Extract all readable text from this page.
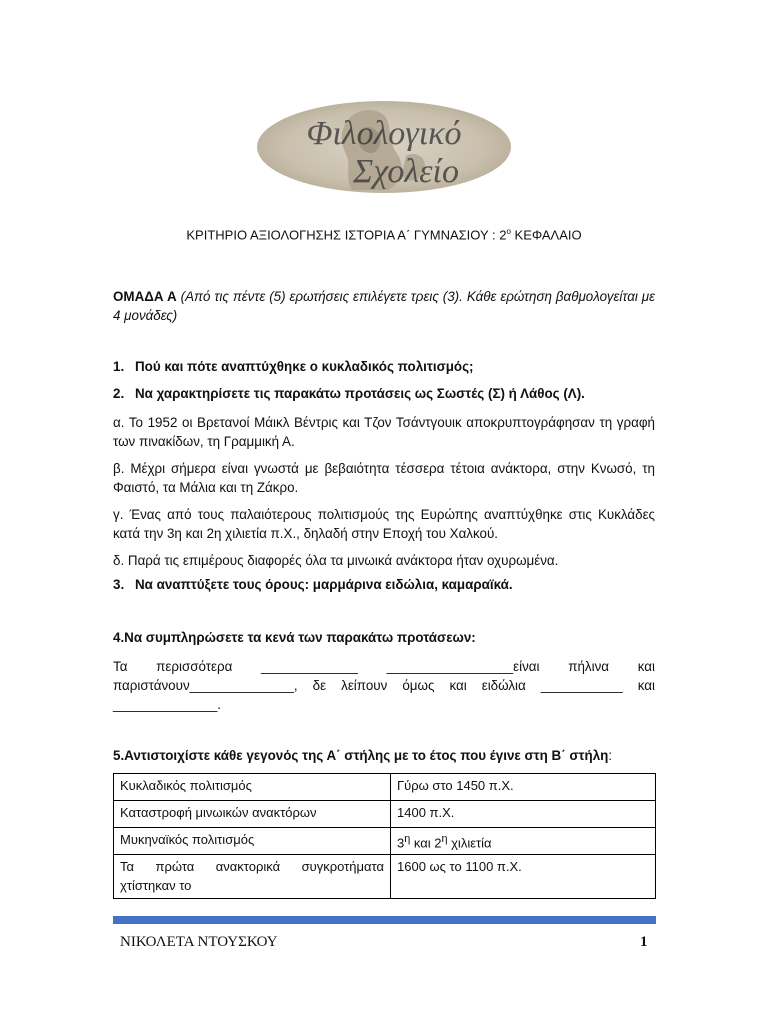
Φιλολογικό
Σχολείο
ΚΡΙΤΗΡΙΟ ΑΞΙΟΛΟΓΗΣΗΣ ΙΣΤΟΡΙΑ Α΄ ΓΥΜΝΑΣΙΟΥ : $2^o$ ΚΕΦΑΛΑΙΟ
ΟΜΑΔΑ Α (Από τις πέντε (5) ερωτήσεις επιλέγετε τρεις (3). Κάθε ερώτηση βαθμολογείται με 4 μονάδες)
1. Πού και πότε αναπτύχθηκε ο κυκλαδικός πολιτισμός;
2. Να χαρακτηρίσετε τις παρακάτω προτάσεις ως Σωστές (Σ) ή Λάθος (Λ).
α. Το 1952 οι Βρετανοί Μάικλ Βέντρις και Τζον Τσάντγουικ αποκρυπτογράφησαν τη γραφή των πινακίδων, τη Γραμμική Α.
β. Μέχρι σήμερα είναι γνωστά με βεβαιότητα τέσσερα τέτοια ανάκτορα, στην Κνωσό, τη Φαιστό, τα Μάλια και τη Ζάκρο.
γ. Ένας από τους παλαιότερους πολιτισμούς της Ευρώπης αναπτύχθηκε στις Κυκλάδες κατά την 3η και 2η χιλιετία π.Χ., δηλαδή στην Εποχή του Χαλκού.
δ. Παρά τις επιμέρους διαφορές όλα τα μινωικά ανάκτορα ήταν οχυρωμένα.
3. Να αναπτύξετε τους όρους: μαρμάρινα ειδώλια, καμαραϊκά.
4.Να συμπληρώσετε τα κενά των παρακάτω προτάσεων:
Τα περισσότερα _____________ _________________είναι πήλινα και
παριστάνουν______________, δε λείπουν όμως και ειδώλια ___________ και
______________.
5.Αντιστοιχίστε κάθε γεγονός της Α΄ στήλης με το έτος που έγινε στη Β΄ στήλη:
Κυκλαδικός πολιτισμός	Γύρω στο 1450 π.Χ.
Καταστροφή μινωικών ανακτόρων	1400 π.Χ.
Μυκηναϊκός πολιτισμός	$3^\eta$ και $2^\eta$ χιλιετία
Τα πρώτα ανακτορικά συγκροτήματα χτίστηκαν το	1600 ως το 1100 π.Χ.
ΝΙΚΟΛΕΤΑ ΝΤΟΥΣΚΟΥ	1
